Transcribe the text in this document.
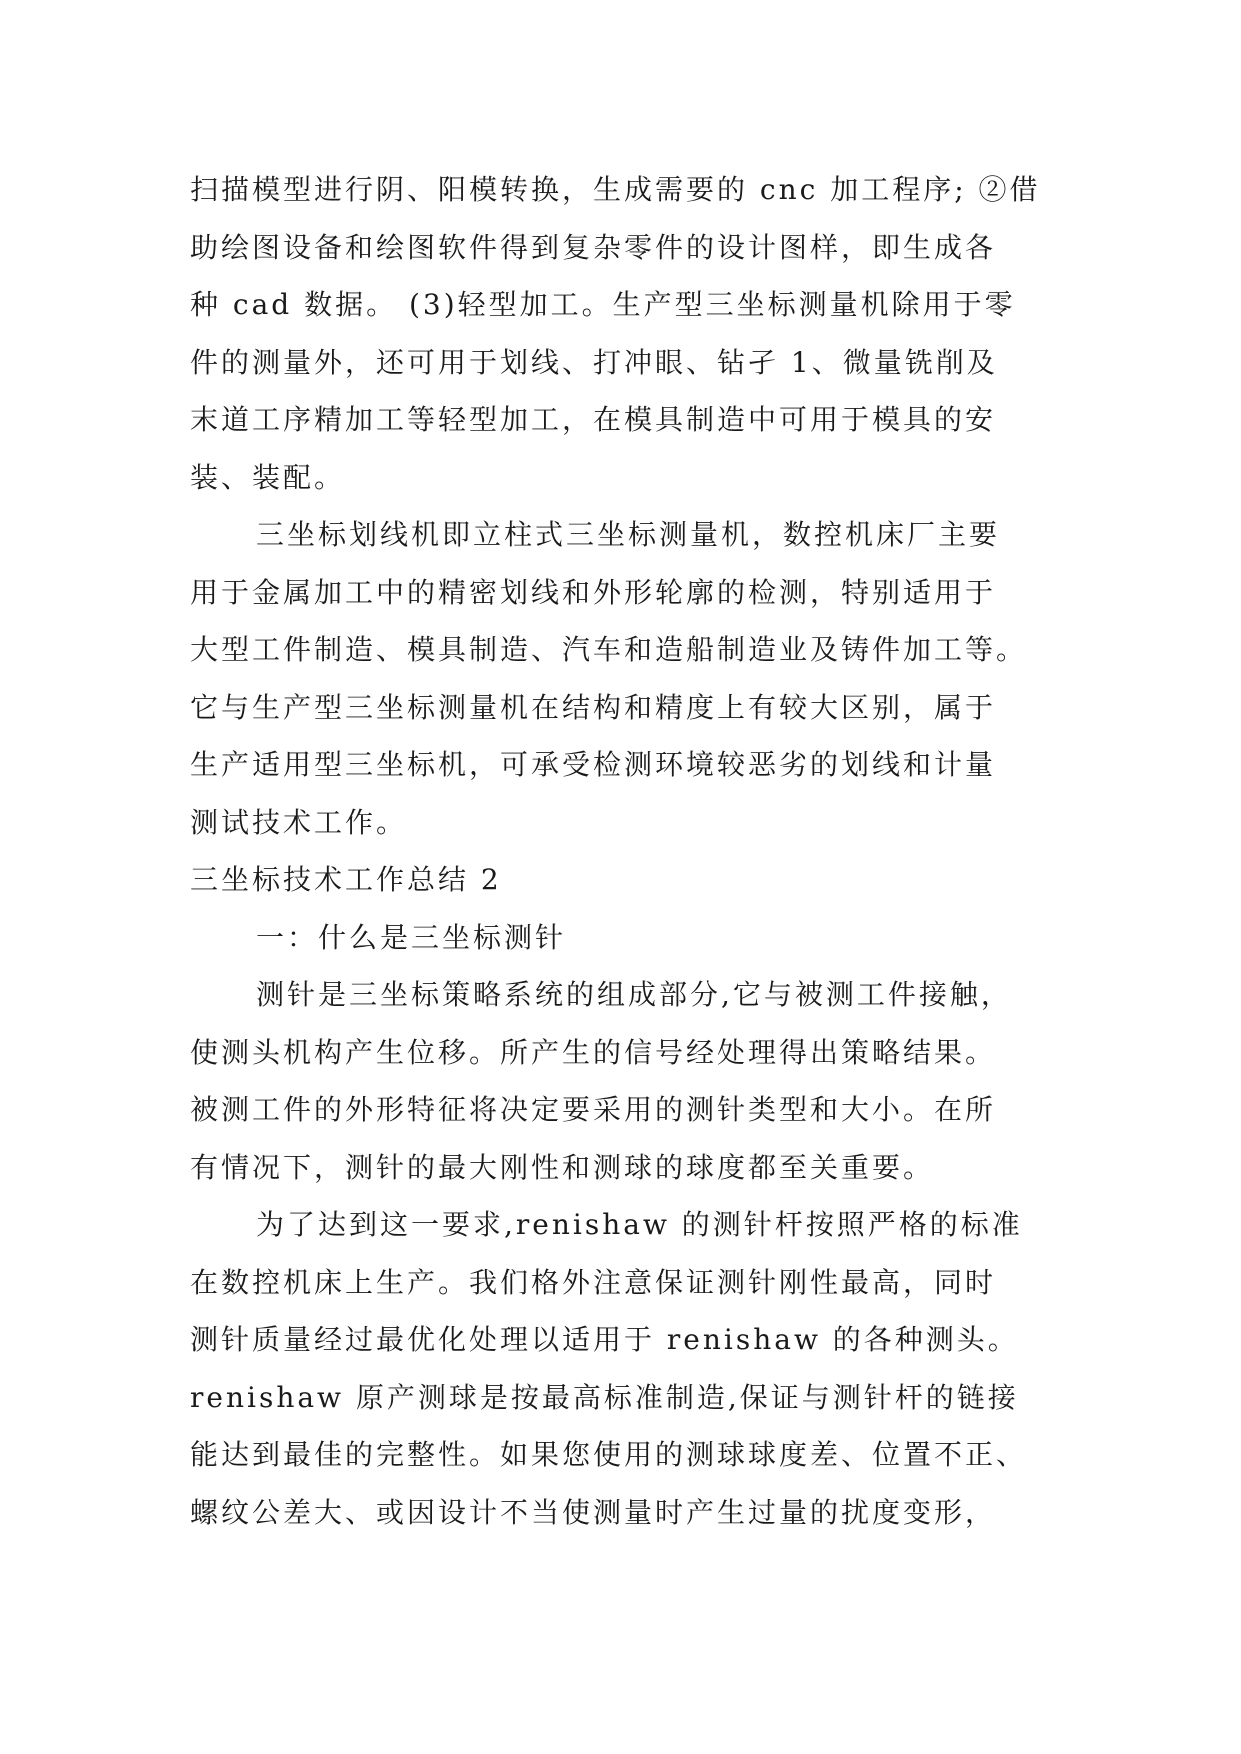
扫描模型进行阴、阳模转换，生成需要的 cnc 加工程序; ②借
助绘图设备和绘图软件得到复杂零件的设计图样，即生成各
种 cad 数据。 (3)轻型加工。生产型三坐标测量机除用于零
件的测量外，还可用于划线、打冲眼、钻孑 1、微量铣削及
末道工序精加工等轻型加工，在模具制造中可用于模具的安
装、装配。
三坐标划线机即立柱式三坐标测量机，数控机床厂主要
用于金属加工中的精密划线和外形轮廓的检测，特别适用于
大型工件制造、模具制造、汽车和造船制造业及铸件加工等。
它与生产型三坐标测量机在结构和精度上有较大区别，属于
生产适用型三坐标机，可承受检测环境较恶劣的划线和计量
测试技术工作。
三坐标技术工作总结 2
一：什么是三坐标测针
测针是三坐标策略系统的组成部分,它与被测工件接触，
使测头机构产生位移。所产生的信号经处理得出策略结果。
被测工件的外形特征将决定要采用的测针类型和大小。在所
有情况下，测针的最大刚性和测球的球度都至关重要。
为了达到这一要求,renishaw 的测针杆按照严格的标准
在数控机床上生产。我们格外注意保证测针刚性最高，同时
测针质量经过最优化处理以适用于 renishaw 的各种测头。
renishaw 原产测球是按最高标准制造,保证与测针杆的链接
能达到最佳的完整性。如果您使用的测球球度差、位置不正、
螺纹公差大、或因设计不当使测量时产生过量的扰度变形，
